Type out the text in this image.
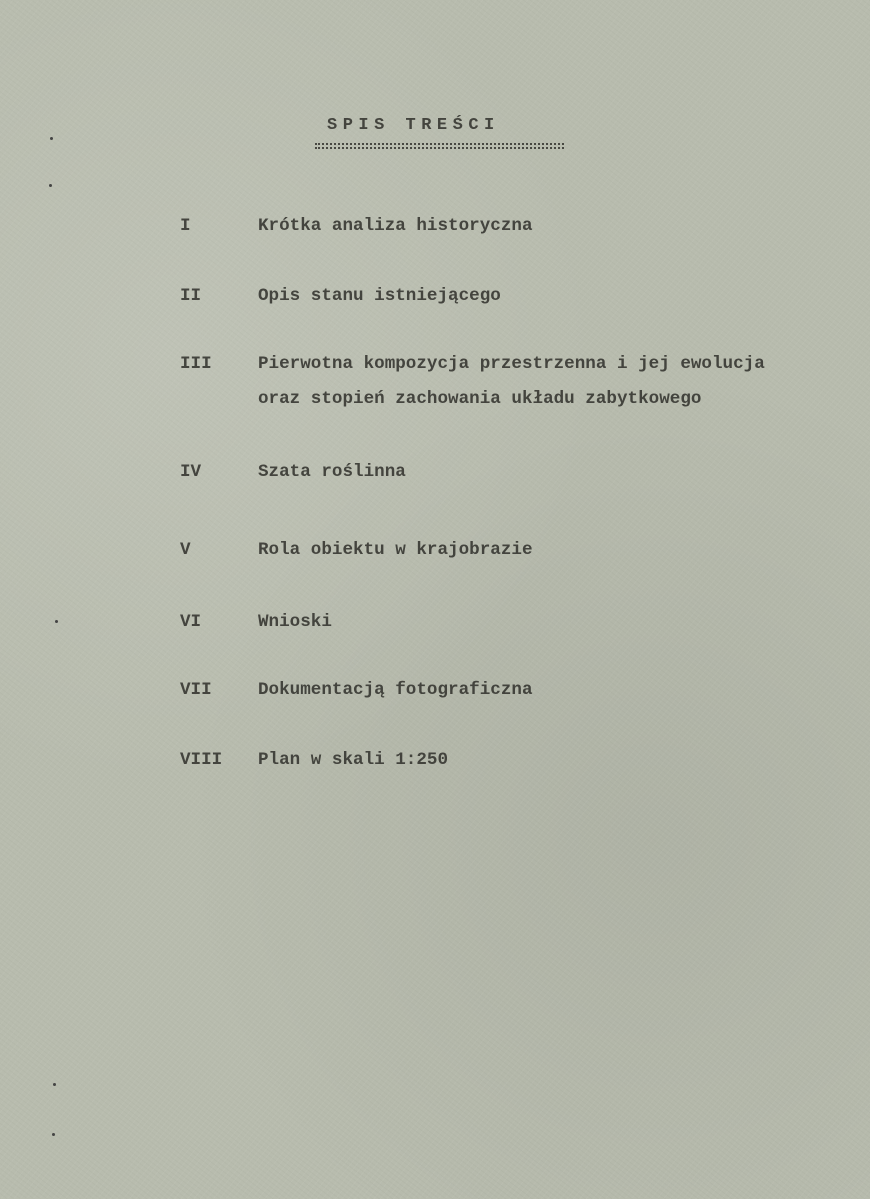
SPIS TREŚCI
I	Krótka analiza historyczna
II	Opis stanu istniejącego
III	Pierwotna kompozycja przestrzenna i jej ewolucja
oraz stopień zachowania układu zabytkowego
IV	Szata roślinna
V	Rola obiektu w krajobrazie
VI	Wnioski
VII	Dokumentacją fotograficzna
VIII Plan w skali 1:250
